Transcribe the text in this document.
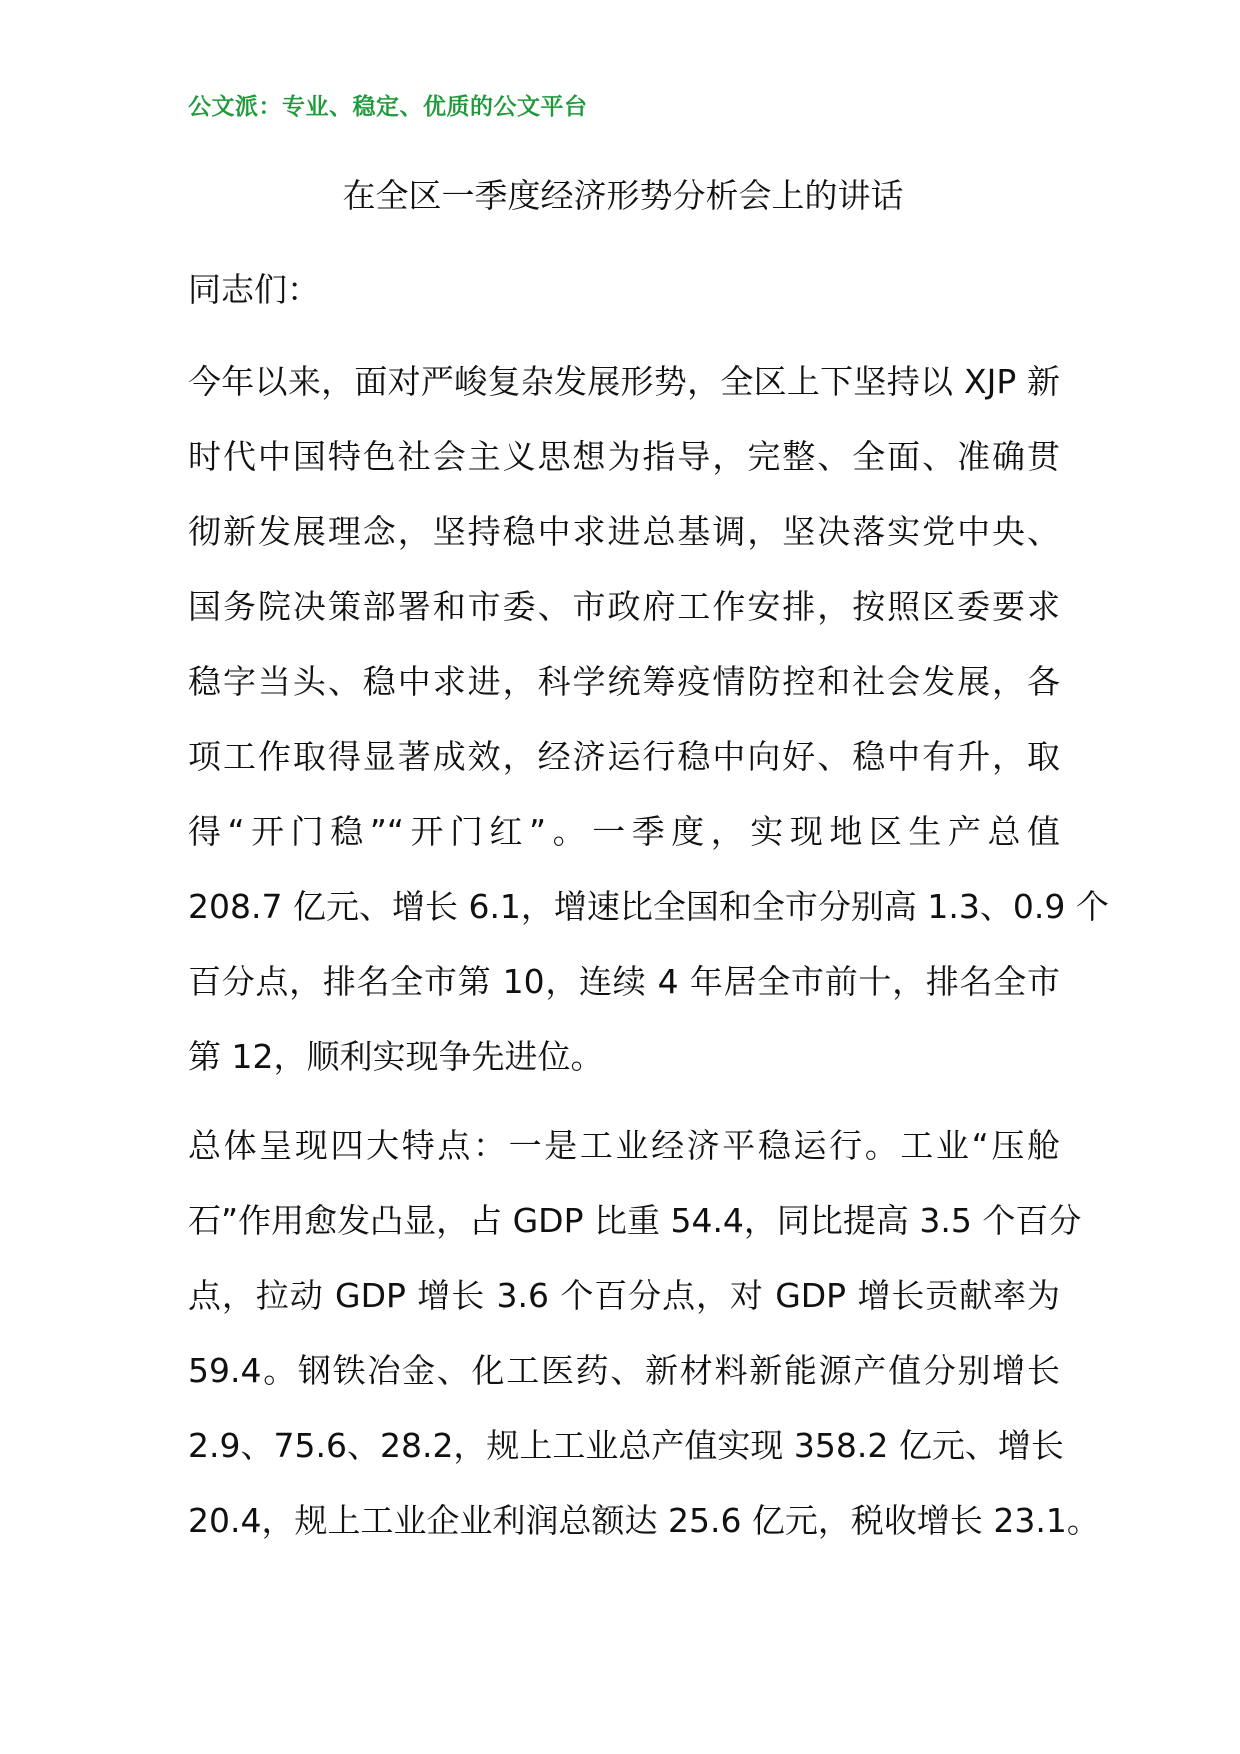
公文派：专业、稳定、优质的公文平台
在全区一季度经济形势分析会上的讲话
同志们：
今年以来，面对严峻复杂发展形势，全区上下坚持以 XJP 新
时代中国特色社会主义思想为指导，完整、全面、准确贯
彻新发展理念，坚持稳中求进总基调，坚决落实党中央、
国务院决策部署和市委、市政府工作安排，按照区委要求
稳字当头、稳中求进，科学统筹疫情防控和社会发展，各
项工作取得显著成效，经济运行稳中向好、稳中有升，取
得“开门稳”“开门红”。一季度，实现地区生产总值
208.7 亿元、增长 6.1，增速比全国和全市分别高 1.3、0.9 个
百分点，排名全市第 10，连续 4 年居全市前十，排名全市
第 12，顺利实现争先进位。
总体呈现四大特点：一是工业经济平稳运行。工业“压舱
石”作用愈发凸显，占 GDP 比重 54.4，同比提高 3.5 个百分
点，拉动 GDP 增长 3.6 个百分点，对 GDP 增长贡献率为
59.4。钢铁冶金、化工医药、新材料新能源产值分别增长
2.9、75.6、28.2，规上工业总产值实现 358.2 亿元、增长
20.4，规上工业企业利润总额达 25.6 亿元，税收增长 23.1。
